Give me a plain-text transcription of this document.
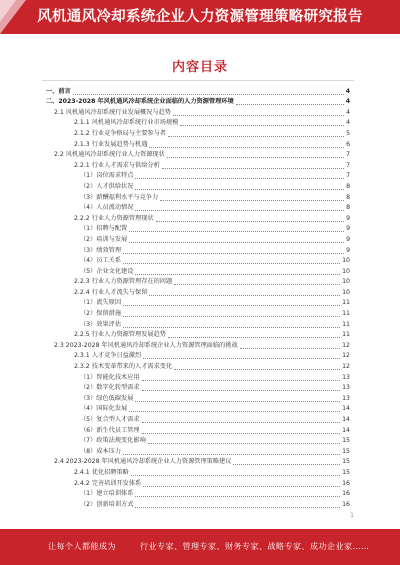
风机通风冷却系统企业人力资源管理策略研究报告
内容目录
一、前言	4
二、2023-2028 年风机通风冷却系统企业面临的人力资源管理环境	4
2.1 风机通风冷却系统行业发展概况与趋势	4
2.1.1 风机通风冷却系统行业市场规模	4
2.1.2 行业竞争格局与主要参与者	5
2.1.3 行业发展趋势与机遇	6
2.2 风机通风冷却系统行业人力资源现状	7
2.2.1 行业人才需求与供给分析	7
（1）岗位需求特点	7
（2）人才供给状况	8
（3）薪酬福利水平与竞争力	8
（4）人员流动情况	8
2.2.2 行业人力资源管理现状	9
（1）招聘与配置	9
（2）培训与发展	9
（3）绩效管理	9
（4）员工关系	10
（5）企业文化建设	10
2.2.3 行业人力资源管理存在的问题	10
2.2.4 行业人才流失与保留	10
（1）流失原因	11
（2）保留措施	11
（3）效果评估	11
2.2.5 行业人力资源管理发展趋势	11
2.3 2023-2028 年风机通风冷却系统企业人力资源管理面临的挑战	12
2.3.1 人才竞争日益激烈	12
2.3.2 技术变革带来的人才需求变化	12
（1）智能化技术应用	13
（2）数字化转型需求	13
（3）绿色低碳发展	13
（4）国际化发展	14
（5）复合型人才需求	14
（6）新生代员工管理	14
（7）政策法规变化影响	15
（8）成本压力	15
2.4 2023-2028 年风机通风冷却系统企业人力资源管理策略建议	15
2.4.1 优化招聘策略	15
2.4.2 完善培训开发体系	16
（1）建立培训体系	16
（2）创新培训方式	16
1
让每个人都能成为	行业专家、管理专家、财务专家、战略专家、成功企业家……
